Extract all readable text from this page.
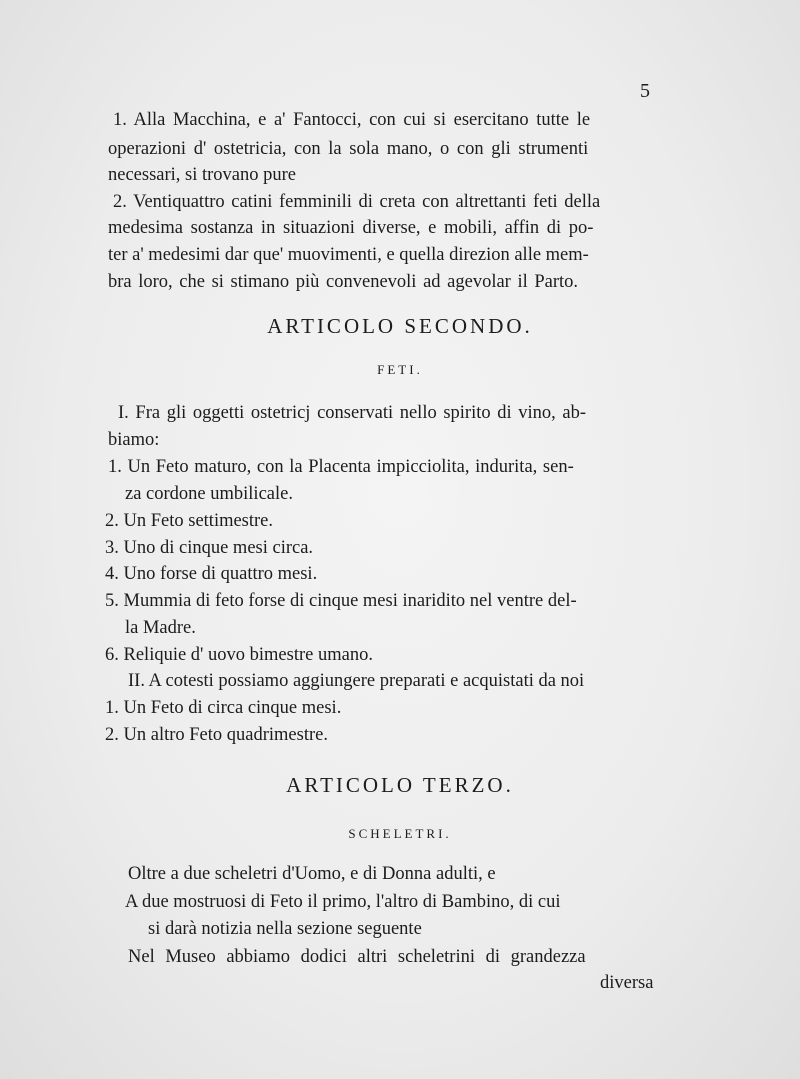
5
1. Alla Macchina, e a' Fantocci, con cui si esercitano tutte le
operazioni d' ostetricia, con la sola mano, o con gli strumenti
necessari, si trovano pure
2. Ventiquattro catini femminili di creta con altrettanti feti della
medesima sostanza in situazioni diverse, e mobili, affin di po-
ter a' medesimi dar que' muovimenti, e quella direzion alle mem-
bra loro, che si stimano più convenevoli ad agevolar il Parto.
ARTICOLO SECONDO.
FETI.
I. Fra gli oggetti ostetricj conservati nello spirito di vino, ab-
biamo:
1. Un Feto maturo, con la Placenta impicciolita, indurita, sen-
za cordone umbilicale.
2. Un Feto settimestre.
3. Uno di cinque mesi circa.
4. Uno forse di quattro mesi.
5. Mummia di feto forse di cinque mesi inaridito nel ventre del-
la Madre.
6. Reliquie d' uovo bimestre umano.
II. A cotesti possiamo aggiungere preparati e acquistati da noi
1. Un Feto di circa cinque mesi.
2. Un altro Feto quadrimestre.
ARTICOLO TERZO.
SCHELETRI.
Oltre a due scheletri d'Uomo, e di Donna adulti, e
A due mostruosi di Feto il primo, l'altro di Bambino, di cui
si darà notizia nella sezione seguente
Nel Museo abbiamo dodici altri scheletrini di grandezza
diversa
